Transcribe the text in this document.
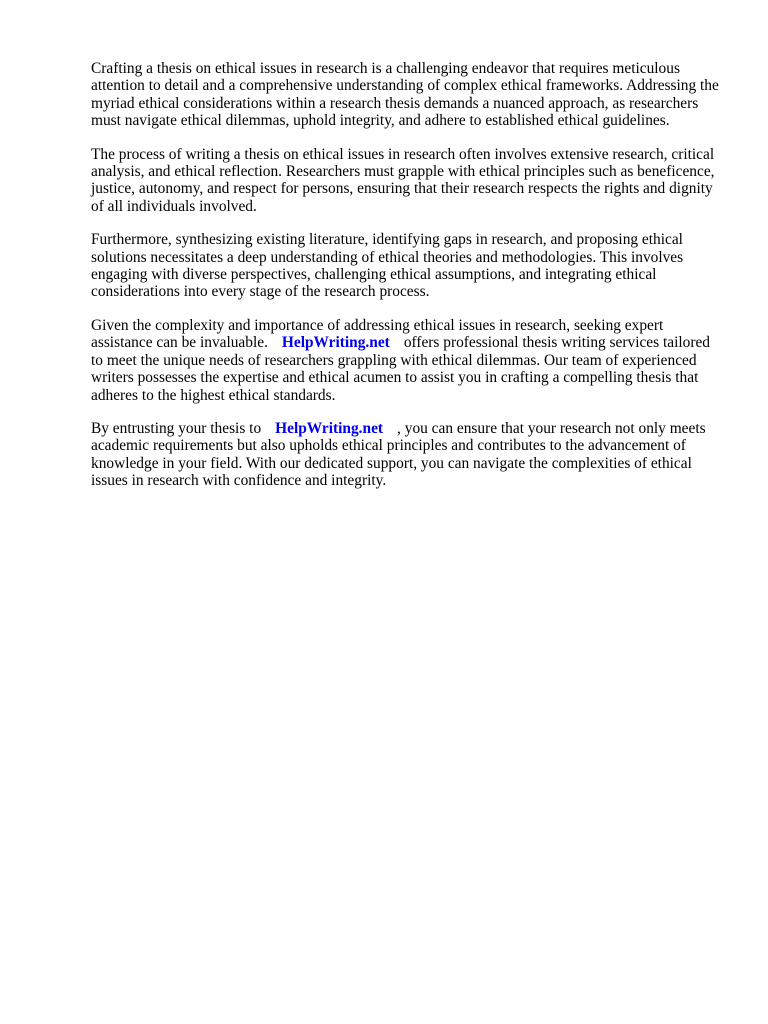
Crafting a thesis on ethical issues in research is a challenging endeavor that requires meticulous attention to detail and a comprehensive understanding of complex ethical frameworks. Addressing the myriad ethical considerations within a research thesis demands a nuanced approach, as researchers must navigate ethical dilemmas, uphold integrity, and adhere to established ethical guidelines.

The process of writing a thesis on ethical issues in research often involves extensive research, critical analysis, and ethical reflection. Researchers must grapple with ethical principles such as beneficence, justice, autonomy, and respect for persons, ensuring that their research respects the rights and dignity of all individuals involved.

Furthermore, synthesizing existing literature, identifying gaps in research, and proposing ethical solutions necessitates a deep understanding of ethical theories and methodologies. This involves engaging with diverse perspectives, challenging ethical assumptions, and integrating ethical considerations into every stage of the research process.

Given the complexity and importance of addressing ethical issues in research, seeking expert assistance can be invaluable. HelpWriting.net offers professional thesis writing services tailored to meet the unique needs of researchers grappling with ethical dilemmas. Our team of experienced writers possesses the expertise and ethical acumen to assist you in crafting a compelling thesis that adheres to the highest ethical standards.

By entrusting your thesis to HelpWriting.net , you can ensure that your research not only meets academic requirements but also upholds ethical principles and contributes to the advancement of knowledge in your field. With our dedicated support, you can navigate the complexities of ethical issues in research with confidence and integrity.
